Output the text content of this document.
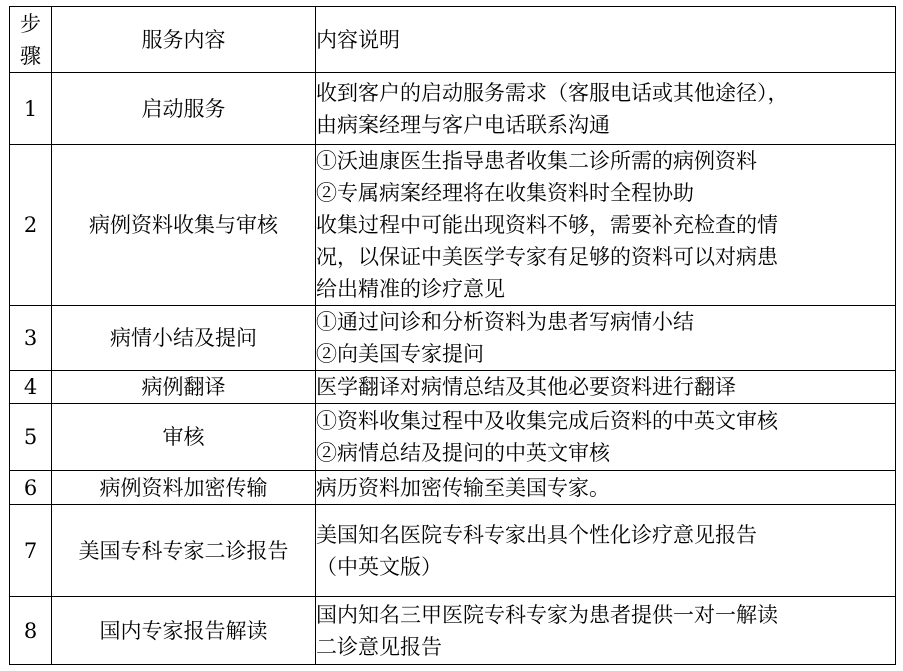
步
骤	服务内容	内容说明
1	启动服务	收到客户的启动服务需求（客服电话或其他途径），
由病案经理与客户电话联系沟通

2	病例资料收集与审核	①沃迪康医生指导患者收集二诊所需的病例资料
②专属病案经理将在收集资料时全程协助
收集过程中可能出现资料不够，需要补充检查的情
况，以保证中美医学专家有足够的资料可以对病患
给出精准的诊疗意见

3	病情小结及提问	①通过问诊和分析资料为患者写病情小结
②向美国专家提问

4	病例翻译	医学翻译对病情总结及其他必要资料进行翻译

5	审核	①资料收集过程中及收集完成后资料的中英文审核
②病情总结及提问的中英文审核

6	病例资料加密传输	病历资料加密传输至美国专家。

7	美国专科专家二诊报告	美国知名医院专科专家出具个性化诊疗意见报告
（中英文版）

8	国内专家报告解读	国内知名三甲医院专科专家为患者提供一对一解读
二诊意见报告
